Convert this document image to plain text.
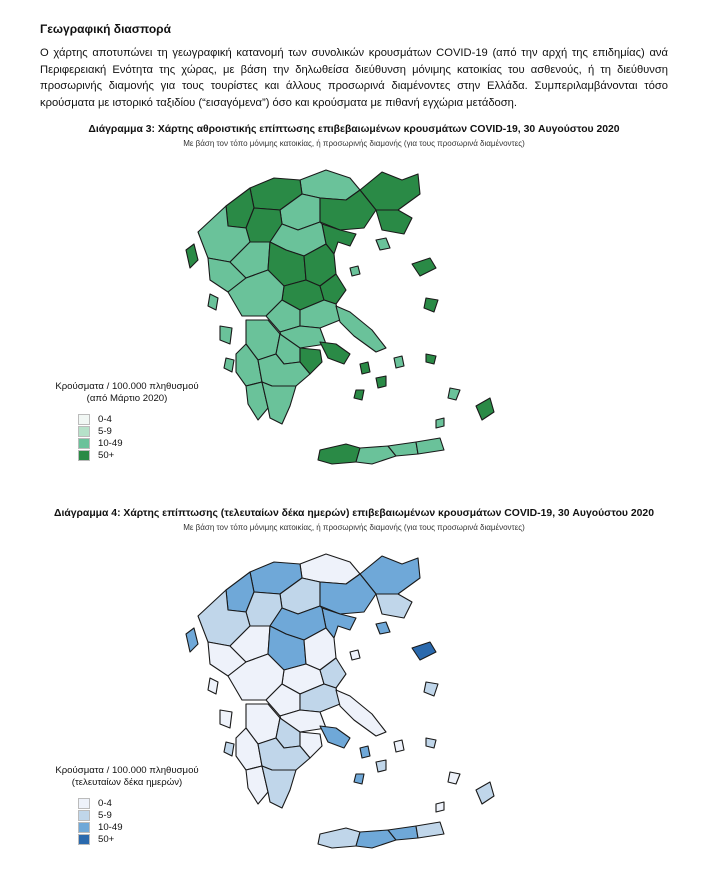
Γεωγραφική διασπορά
Ο χάρτης αποτυπώνει τη γεωγραφική κατανομή των συνολικών κρουσμάτων COVID-19 (από την αρχή της επιδημίας) ανά Περιφερειακή Ενότητα της χώρας, με βάση την δηλωθείσα διεύθυνση μόνιμης κατοικίας του ασθενούς, ή τη διεύθυνση προσωρινής διαμονής για τους τουρίστες και άλλους προσωρινά διαμένοντες στην Ελλάδα. Συμπεριλαμβάνονται τόσο κρούσματα με ιστορικό ταξιδίου (“εισαγόμενα”) όσο και κρούσματα με πιθανή εγχώρια μετάδοση.
Διάγραμμα 3: Χάρτης αθροιστικής επίπτωσης επιβεβαιωμένων κρουσμάτων COVID-19, 30 Αυγούστου 2020
Με βάση τον τόπο μόνιμης κατοικίας, ή προσωρινής διαμονής (για τους προσωρινά διαμένοντες)
Κρούσματα / 100.000 πληθυσμού
(από Μάρτιο 2020)
0-4
5-9
10-49
50+
Διάγραμμα 4: Χάρτης επίπτωσης (τελευταίων δέκα ημερών) επιβεβαιωμένων κρουσμάτων COVID-19, 30 Αυγούστου 2020
Με βάση τον τόπο μόνιμης κατοικίας, ή προσωρινής διαμονής (για τους προσωρινά διαμένοντες)
Κρούσματα / 100.000 πληθυσμού
(τελευταίων δέκα ημερών)
0-4
5-9
10-49
50+
